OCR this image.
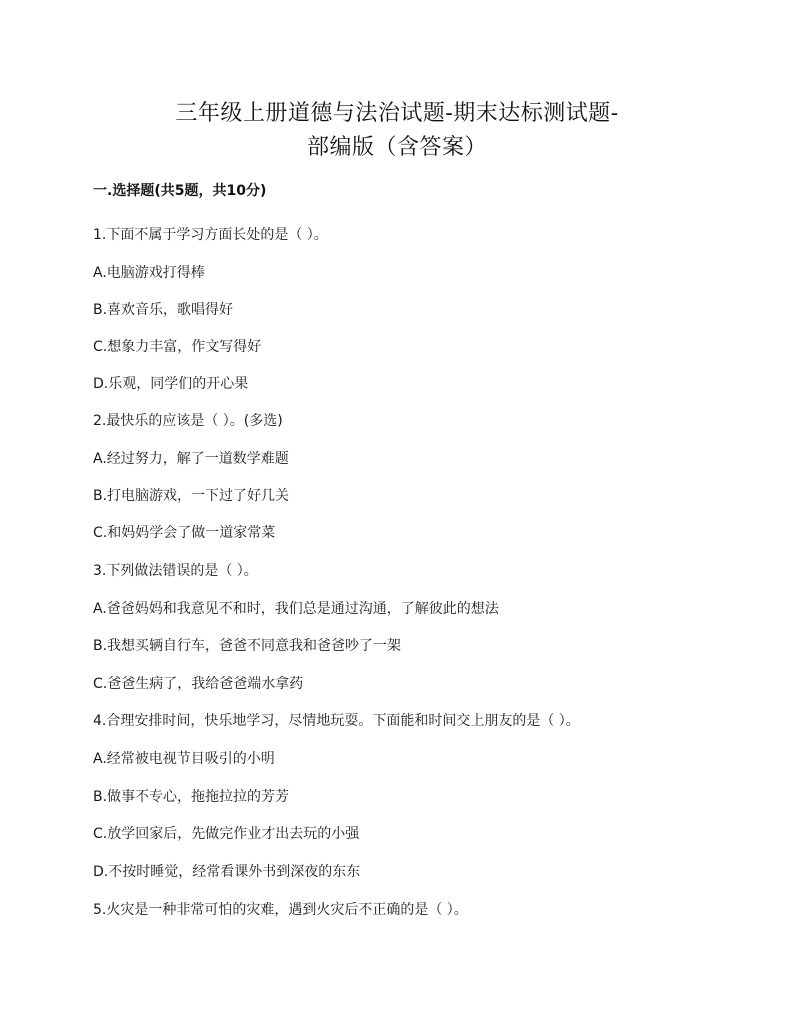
三年级上册道德与法治试题-期末达标测试题-
部编版（含答案）
一.选择题(共5题，共10分)
1.下面不属于学习方面长处的是（ ）。
A.电脑游戏打得棒
B.喜欢音乐，歌唱得好
C.想象力丰富，作文写得好
D.乐观，同学们的开心果
2.最快乐的应该是（ ）。(多选)
A.经过努力，解了一道数学难题
B.打电脑游戏，一下过了好几关
C.和妈妈学会了做一道家常菜
3.下列做法错误的是（ ）。
A.爸爸妈妈和我意见不和时，我们总是通过沟通，了解彼此的想法
B.我想买辆自行车，爸爸不同意我和爸爸吵了一架
C.爸爸生病了，我给爸爸端水拿药
4.合理安排时间，快乐地学习，尽情地玩耍。下面能和时间交上朋友的是（ ）。
A.经常被电视节目吸引的小明
B.做事不专心，拖拖拉拉的芳芳
C.放学回家后，先做完作业才出去玩的小强
D.不按时睡觉，经常看课外书到深夜的东东
5.火灾是一种非常可怕的灾难，遇到火灾后不正确的是（ ）。
